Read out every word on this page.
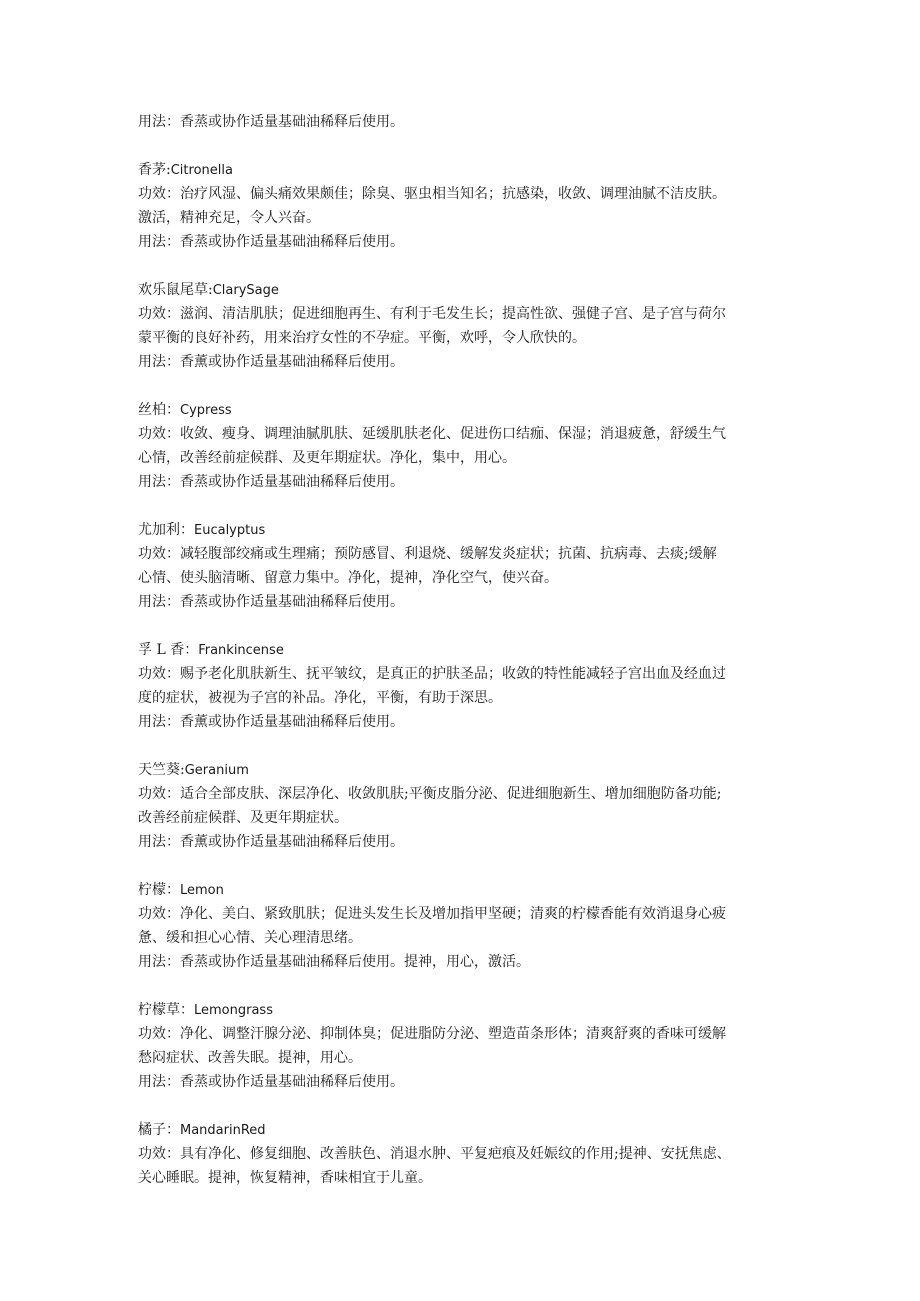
用法：香蒸或协作适量基础油稀释后使用。
香茅:Citronella
功效：治疗风湿、偏头痛效果颇佳；除臭、驱虫相当知名；抗感染，收敛、调理油腻不洁皮肤。
激活，精神充足，令人兴奋。
用法：香蒸或协作适量基础油稀释后使用。
欢乐鼠尾草:ClarySage
功效：滋润、清洁肌肤；促进细胞再生、有利于毛发生长；提高性欲、强健子宫、是子宫与荷尔
蒙平衡的良好补药，用来治疗女性的不孕症。平衡，欢呼，令人欣快的。
用法：香薰或协作适量基础油稀释后使用。
丝柏：Cypress
功效：收敛、瘦身、调理油腻肌肤、延缓肌肤老化、促进伤口结痂、保湿；消退疲惫，舒缓生气
心情，改善经前症候群、及更年期症状。净化，集中，用心。
用法：香蒸或协作适量基础油稀释后使用。
尤加利：Eucalyptus
功效：减轻腹部绞痛或生理痛；预防感冒、利退烧、缓解发炎症状；抗菌、抗病毒、去痰;缓解
心情、使头脑清晰、留意力集中。净化，提神，净化空气，使兴奋。
用法：香蒸或协作适量基础油稀释后使用。
孚 L 香：Frankincense
功效：赐予老化肌肤新生、抚平皱纹，是真正的护肤圣品；收敛的特性能减轻子宫出血及经血过
度的症状，被视为子宫的补品。净化，平衡，有助于深思。
用法：香薰或协作适量基础油稀释后使用。
天竺葵:Geranium
功效：适合全部皮肤、深层净化、收敛肌肤;平衡皮脂分泌、促进细胞新生、增加细胞防备功能;
改善经前症候群、及更年期症状。
用法：香薰或协作适量基础油稀释后使用。
柠檬：Lemon
功效：净化、美白、紧致肌肤；促进头发生长及增加指甲坚硬；清爽的柠檬香能有效消退身心疲
惫、缓和担心心情、关心理清思绪。
用法：香蒸或协作适量基础油稀释后使用。提神，用心，激活。
柠檬草：Lemongrass
功效：净化、调整汗腺分泌、抑制体臭；促进脂防分泌、塑造苗条形体；清爽舒爽的香味可缓解
愁闷症状、改善失眠。提神，用心。
用法：香蒸或协作适量基础油稀释后使用。
橘子：MandarinRed
功效：具有净化、修复细胞、改善肤色、消退水肿、平复疤痕及妊娠纹的作用;提神、安抚焦虑、
关心睡眠。提神，恢复精神，香味相宜于儿童。
